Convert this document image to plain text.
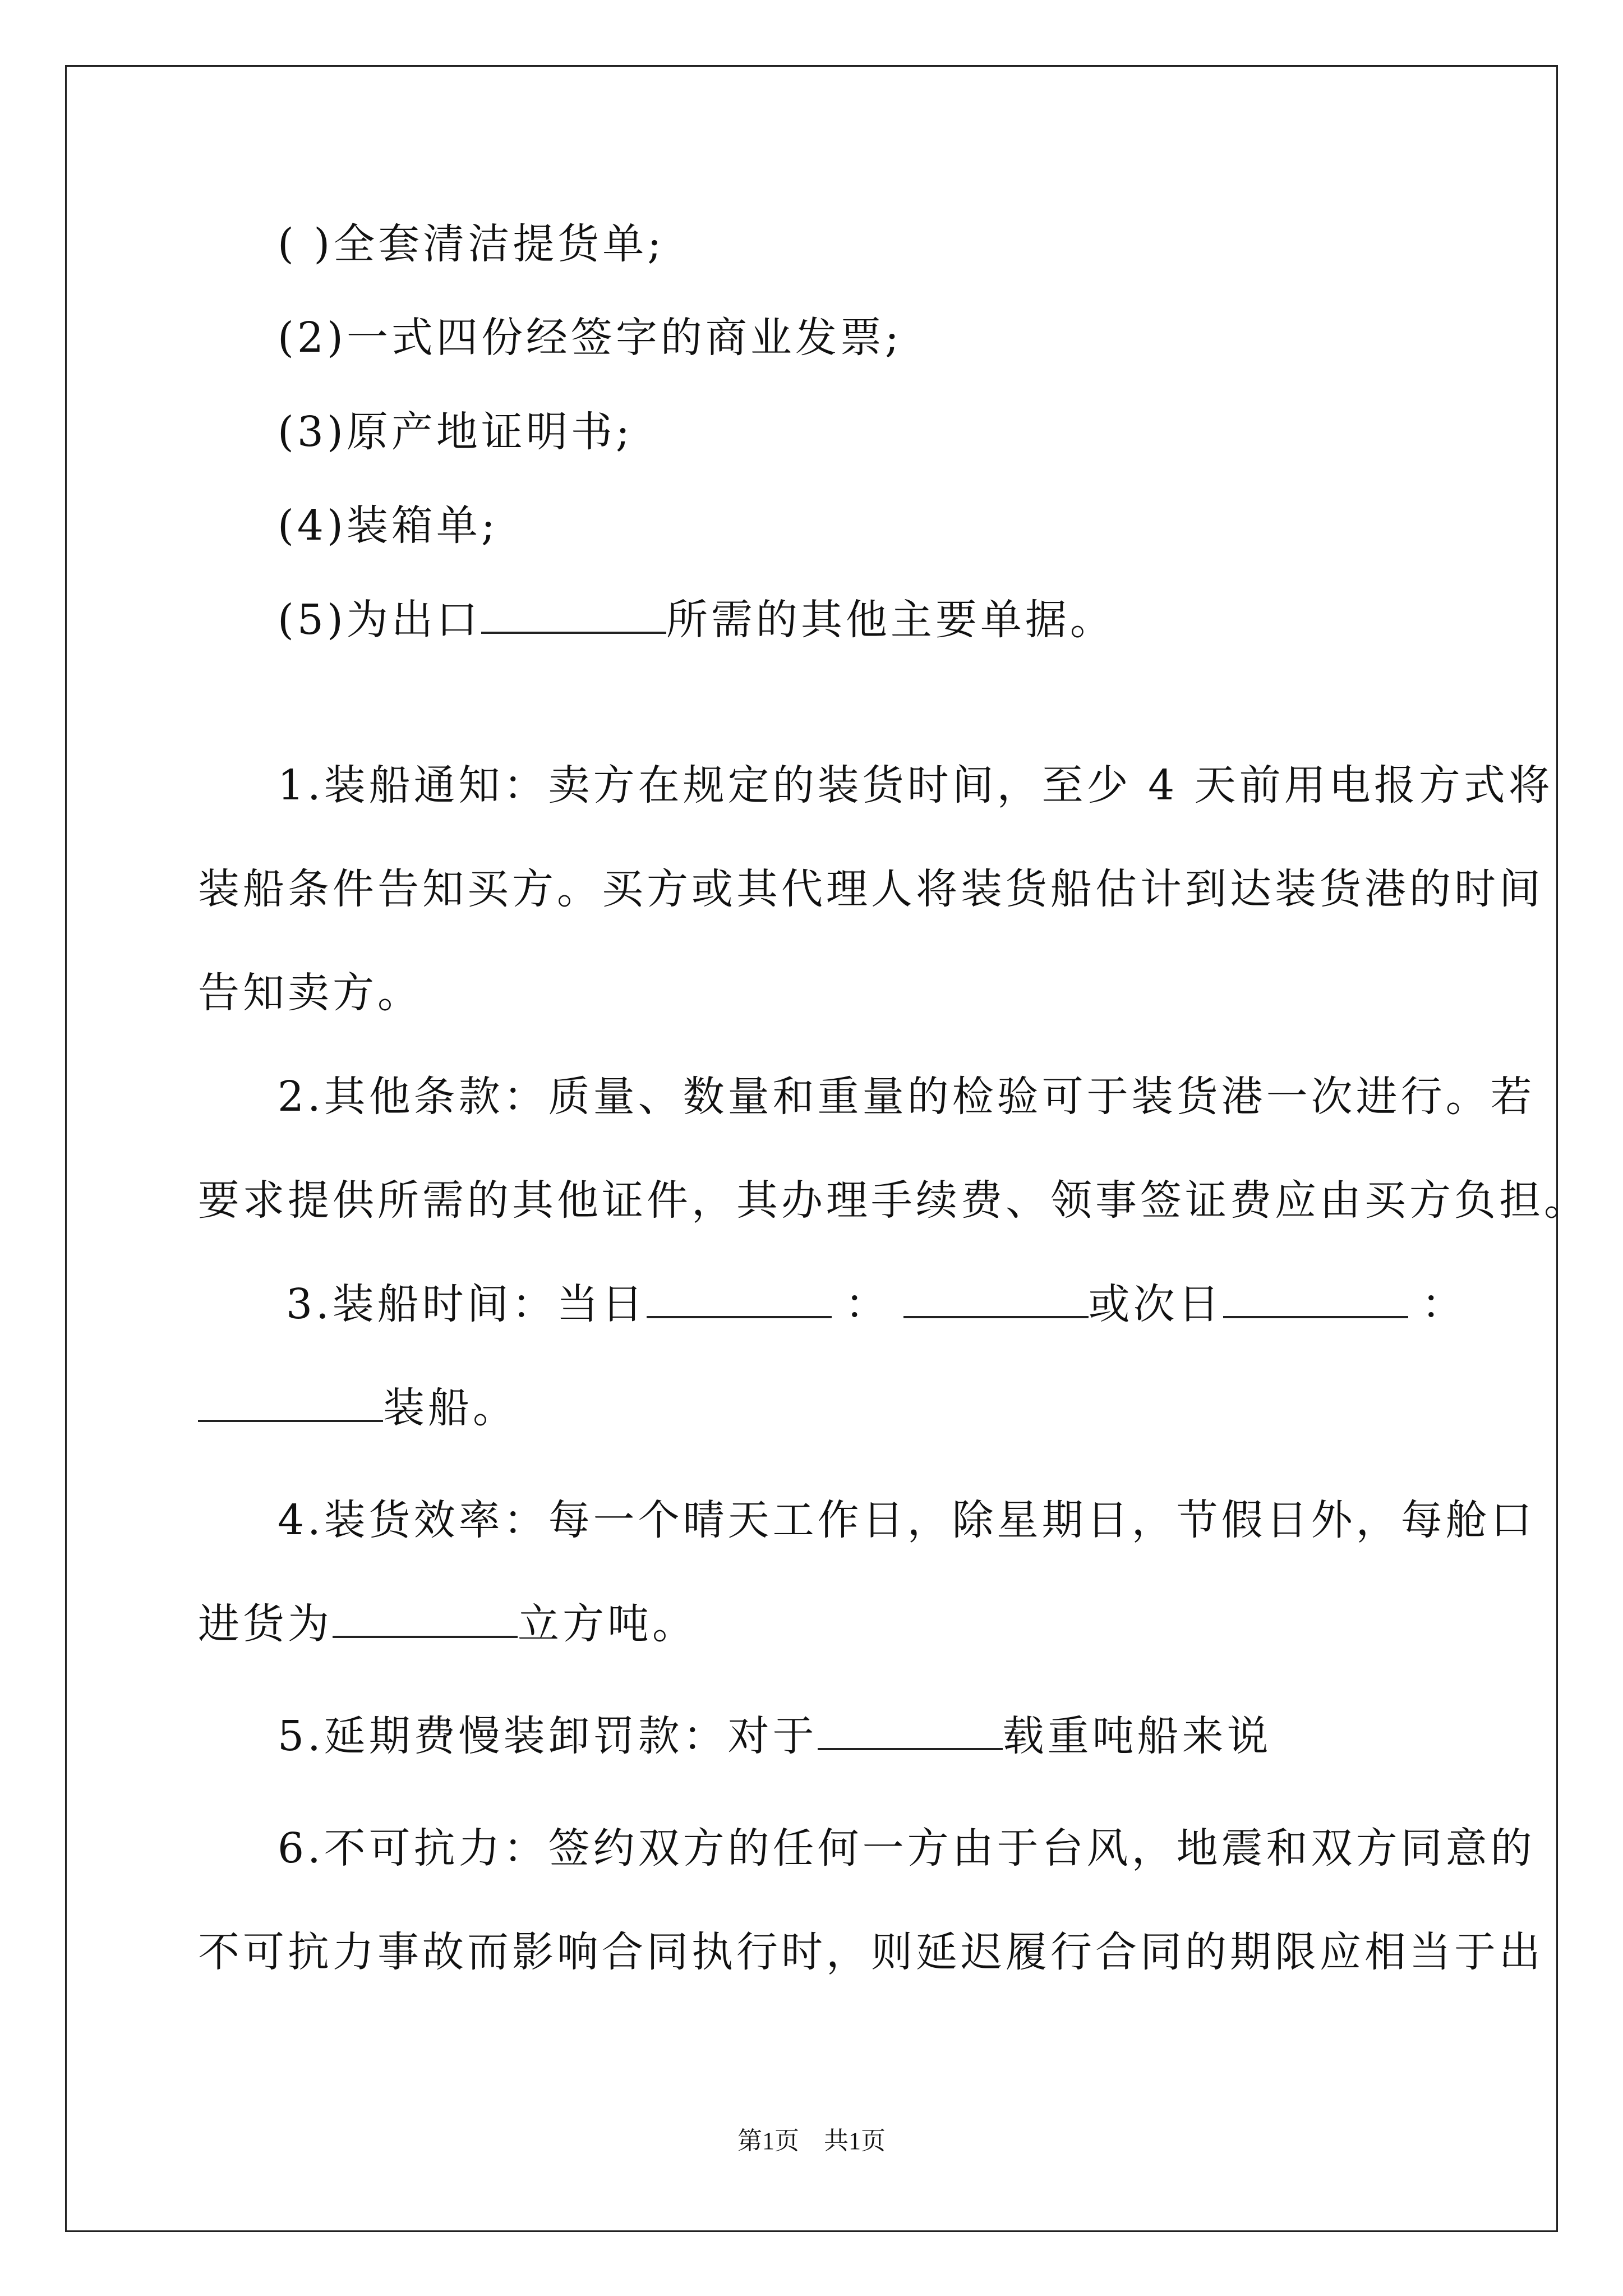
( )全套清洁提货单;
(2)一式四份经签字的商业发票;
(3)原产地证明书;
(4)装箱单;
(5)为出口	所需的其他主要单据。
1.装船通知：卖方在规定的装货时间，至少 4 天前用电报方式将
装船条件告知买方。买方或其代理人将装货船估计到达装货港的时间
告知卖方。
2.其他条款：质量、数量和重量的检验可于装货港一次进行。若
要求提供所需的其他证件，其办理手续费、领事签证费应由买方负担。
3.装船时间：当日	：	或次日	：
装船。
4.装货效率：每一个晴天工作日，除星期日，节假日外，每舱口
进货为	立方吨。
5.延期费慢装卸罚款：对于	载重吨船来说
6.不可抗力：签约双方的任何一方由于台风，地震和双方同意的
不可抗力事故而影响合同执行时，则延迟履行合同的期限应相当于出
第1页　共1页
